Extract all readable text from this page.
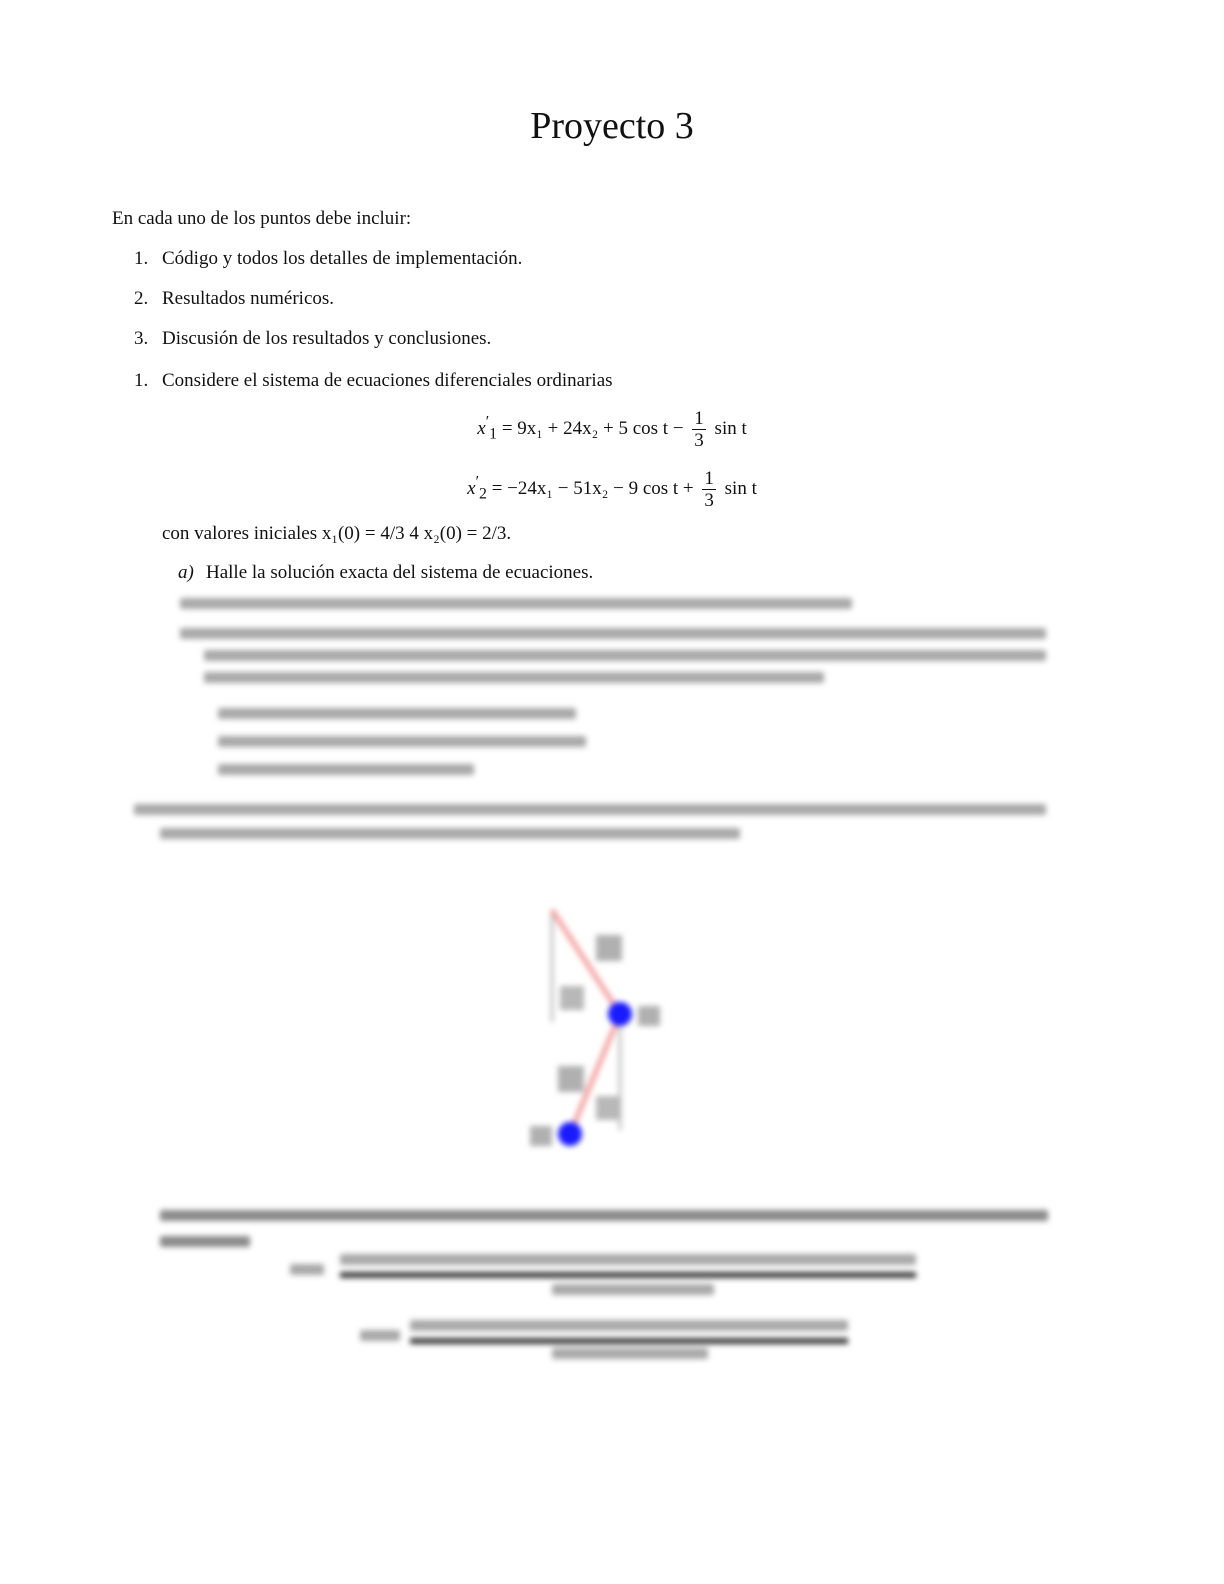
Proyecto 3
En cada uno de los puntos debe incluir:
1. Código y todos los detalles de implementación.
2. Resultados numéricos.
3. Discusión de los resultados y conclusiones.
1. Considere el sistema de ecuaciones diferenciales ordinarias
$x'_1 = 9x_1 + 24x_2 + 5$ $\cos t - \frac{1}{3}$ sin t
$x'_2 = -24x_1 - 51x_2 - 9$ $\cos t + \frac{1}{3}$ sin t
con valores iniciales x₁(0) = 4/3 4 x₂(0) = 2/3.
a) Halle la solución exacta del sistema de ecuaciones.
